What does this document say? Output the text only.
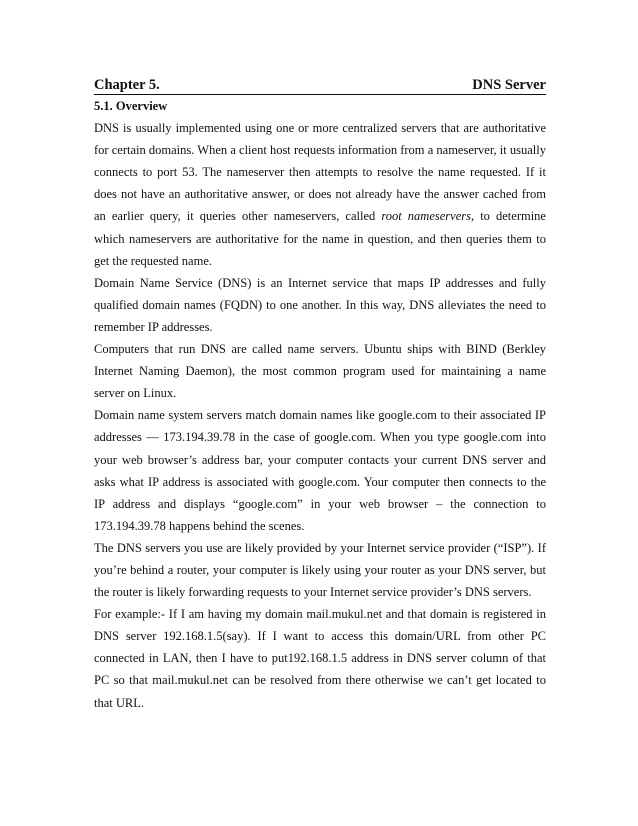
Chapter 5.	DNS Server

5.1. Overview

DNS is usually implemented using one or more centralized servers that are authoritative for certain domains. When a client host requests information from a nameserver, it usually connects to port 53. The nameserver then attempts to resolve the name requested. If it does not have an authoritative answer, or does not already have the answer cached from an earlier query, it queries other nameservers, called root nameservers, to determine which nameservers are authoritative for the name in question, and then queries them to get the requested name.

Domain Name Service (DNS) is an Internet service that maps IP addresses and fully qualified domain names (FQDN) to one another. In this way, DNS alleviates the need to remember IP addresses.

Computers that run DNS are called name servers. Ubuntu ships with BIND (Berkley Internet Naming Daemon), the most common program used for maintaining a name server on Linux.

Domain name system servers match domain names like google.com to their associated IP addresses — 173.194.39.78 in the case of google.com. When you type google.com into your web browser’s address bar, your computer contacts your current DNS server and asks what IP address is associated with google.com. Your computer then connects to the IP address and displays “google.com” in your web browser – the connection to 173.194.39.78 happens behind the scenes.

The DNS servers you use are likely provided by your Internet service provider (“ISP”). If you’re behind a router, your computer is likely using your router as your DNS server, but the router is likely forwarding requests to your Internet service provider’s DNS servers.

For example:- If I am having my domain mail.mukul.net and that domain is registered in DNS server 192.168.1.5(say). If I want to access this domain/URL from other PC connected in LAN, then I have to put192.168.1.5 address in DNS server column of that PC so that mail.mukul.net can be resolved from there otherwise we can’t get located to that URL.
